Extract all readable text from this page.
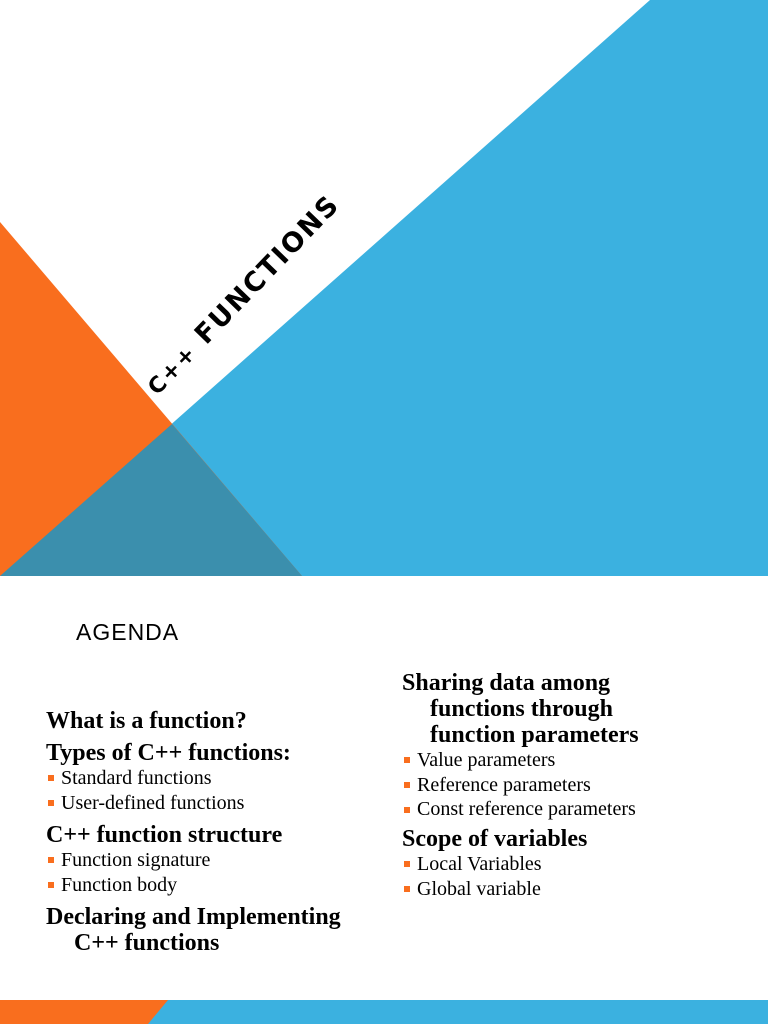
C++ FUNCTIONS
AGENDA
What is a function?
Types of C++ functions:
Standard functions
User-defined functions
C++ function structure
Function signature
Function body
Declaring and Implementing C++ functions
Sharing data among functions through function parameters
Value parameters
Reference parameters
Const reference parameters
Scope of variables
Local Variables
Global variable
